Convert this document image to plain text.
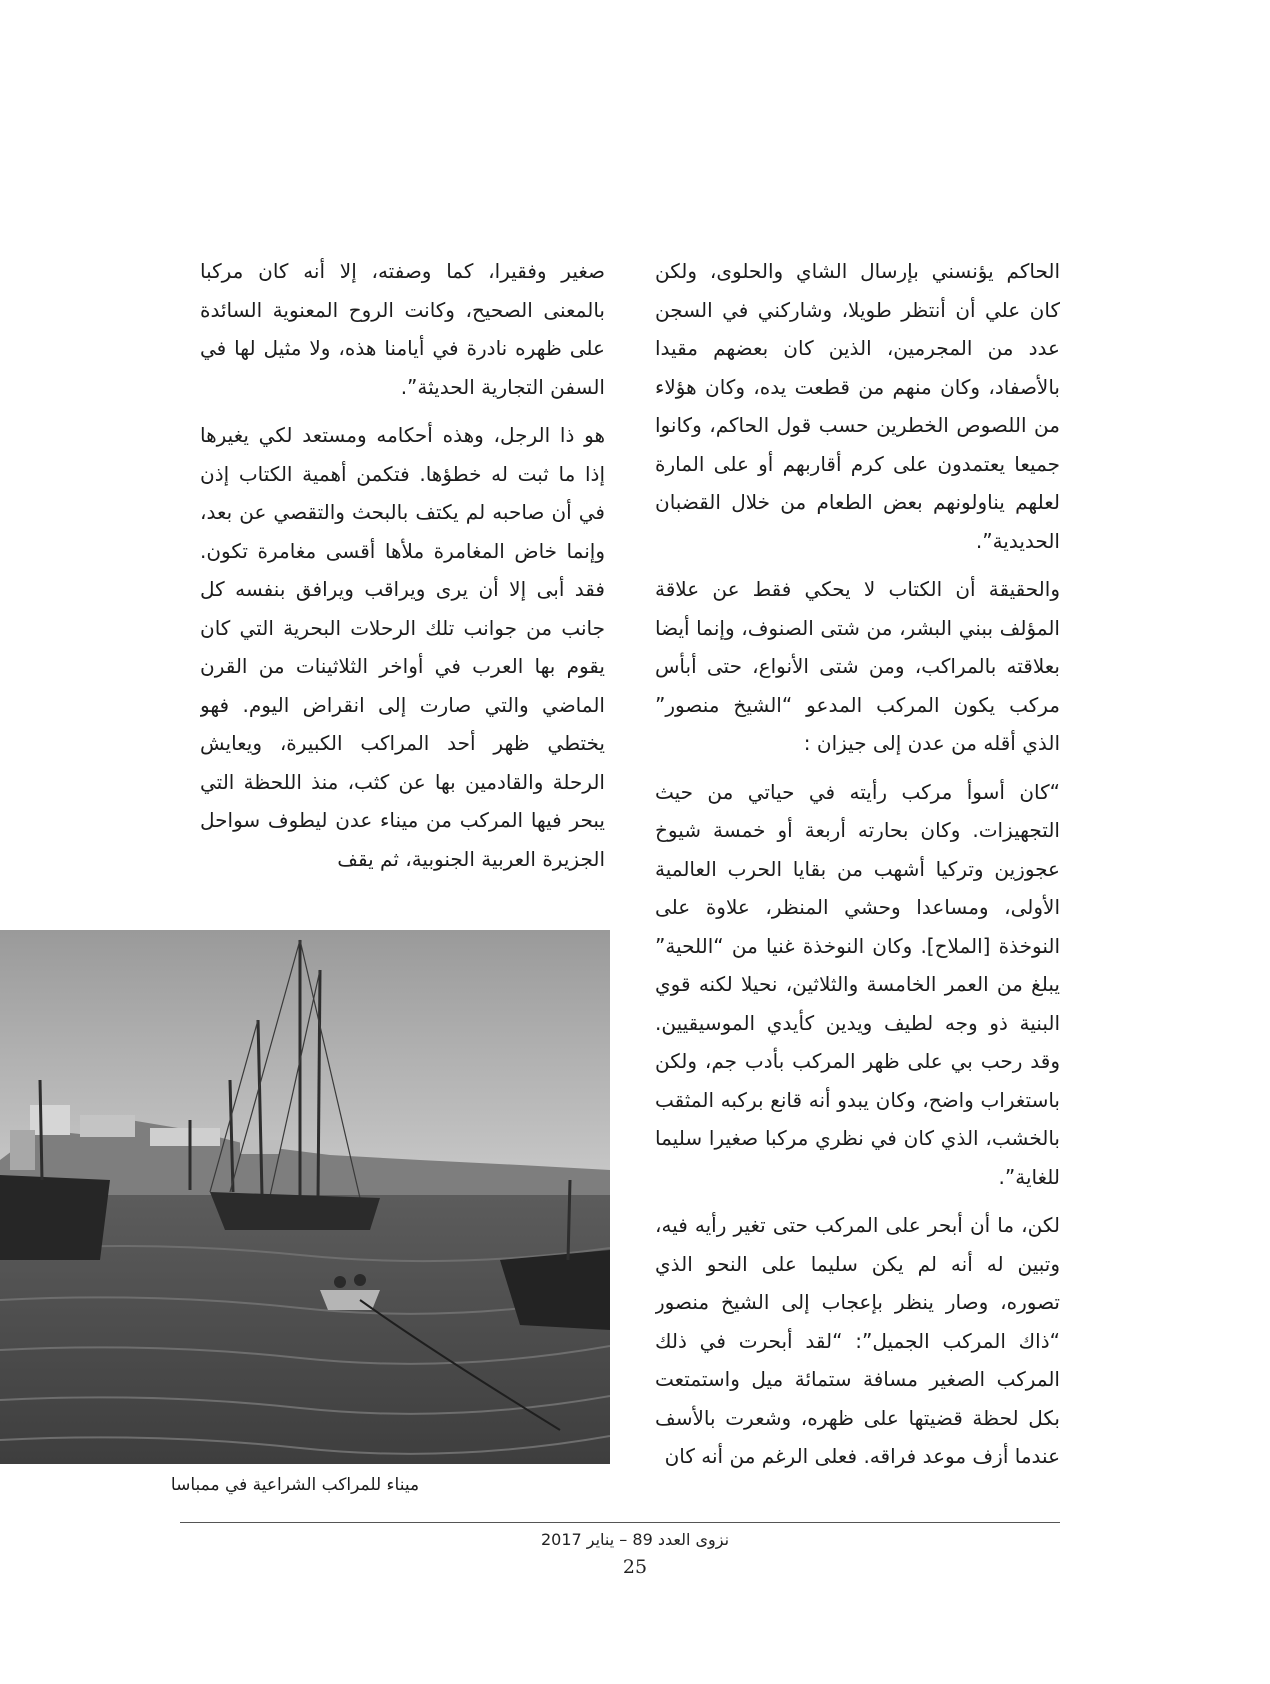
الحاكم يؤنسني بإرسال الشاي والحلوى، ولكن كان علي أن أنتظر طويلا، وشاركني في السجن عدد من المجرمين، الذين كان بعضهم مقيدا بالأصفاد، وكان منهم من قطعت يده، وكان هؤلاء من اللصوص الخطرين حسب قول الحاكم، وكانوا جميعا يعتمدون على كرم أقاربهم أو على المارة لعلهم يناولونهم بعض الطعام من خلال القضبان الحديدية”.

والحقيقة أن الكتاب لا يحكي فقط عن علاقة المؤلف ببني البشر، من شتى الصنوف، وإنما أيضا بعلاقته بالمراكب، ومن شتى الأنواع، حتى أبأس مركب يكون المركب المدعو “الشيخ منصور” الذي أقله من عدن إلى جيزان :

“كان أسوأ مركب رأيته في حياتي من حيث التجهيزات. وكان بحارته أربعة أو خمسة شيوخ عجوزين وتركيا أشهب من بقايا الحرب العالمية الأولى، ومساعدا وحشي المنظر، علاوة على النوخذة [الملاح]. وكان النوخذة غنيا من “اللحية” يبلغ من العمر الخامسة والثلاثين، نحيلا لكنه قوي البنية ذو وجه لطيف ويدين كأيدي الموسيقيين. وقد رحب بي على ظهر المركب بأدب جم، ولكن باستغراب واضح، وكان يبدو أنه قانع بركبه المثقب بالخشب، الذي كان في نظري مركبا صغيرا سليما للغاية”.

لكن، ما أن أبحر على المركب حتى تغير رأيه فيه، وتبين له أنه لم يكن سليما على النحو الذي تصوره، وصار ينظر بإعجاب إلى الشيخ منصور “ذاك المركب الجميل”: “لقد أبحرت في ذلك المركب الصغير مسافة ستمائة ميل واستمتعت بكل لحظة قضيتها على ظهره، وشعرت بالأسف عندما أزف موعد فراقه. فعلى الرغم من أنه كان

صغير وفقيرا، كما وصفته، إلا أنه كان مركبا بالمعنى الصحيح، وكانت الروح المعنوية السائدة على ظهره نادرة في أيامنا هذه، ولا مثيل لها في السفن التجارية الحديثة”.

هو ذا الرجل، وهذه أحكامه ومستعد لكي يغيرها إذا ما ثبت له خطؤها. فتكمن أهمية الكتاب إذن في أن صاحبه لم يكتف بالبحث والتقصي عن بعد، وإنما خاض المغامرة ملأها أقسى مغامرة تكون. فقد أبى إلا أن يرى ويراقب ويرافق بنفسه كل جانب من جوانب تلك الرحلات البحرية التي كان يقوم بها العرب في أواخر الثلاثينات من القرن الماضي والتي صارت إلى انقراض اليوم. فهو يختطي ظهر أحد المراكب الكبيرة، ويعايش الرحلة والقادمين بها عن كثب، منذ اللحظة التي يبحر فيها المركب من ميناء عدن ليطوف سواحل الجزيرة العربية الجنوبية، ثم يقف

ميناء للمراكب الشراعية في ممباسا
نزوى العدد 89 – يناير 2017
25
